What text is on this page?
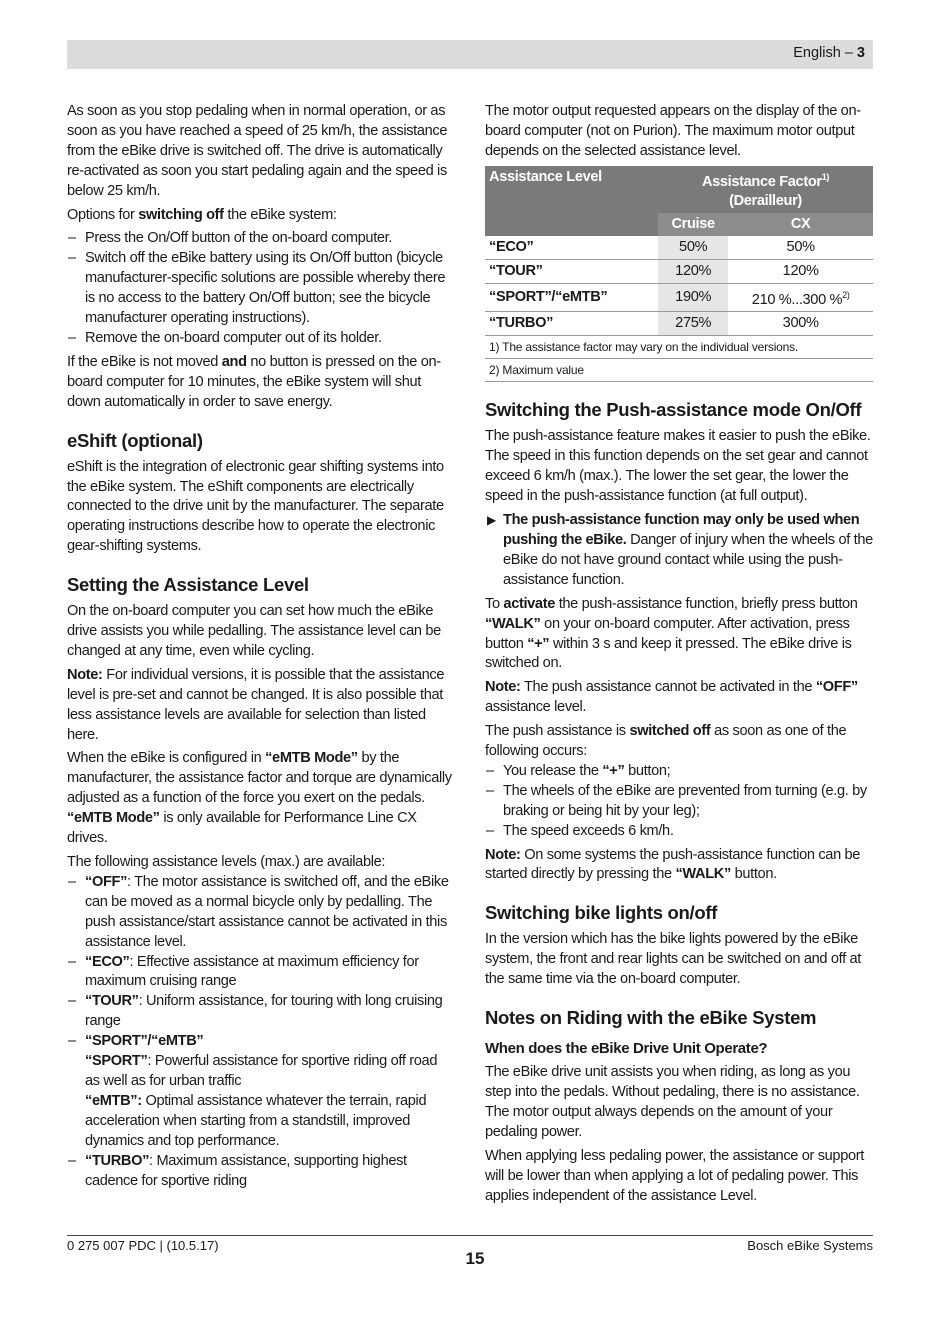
English – 3

As soon as you stop pedaling when in normal operation, or as soon as you have reached a speed of 25 km/h, the assistance from the eBike drive is switched off. The drive is automatically re-activated as soon you start pedaling again and the speed is below 25 km/h.

Options for switching off the eBike system:

– Press the On/Off button of the on-board computer.
– Switch off the eBike battery using its On/Off button (bicycle manufacturer-specific solutions are possible whereby there is no access to the battery On/Off button; see the bicycle manufacturer operating instructions).
– Remove the on-board computer out of its holder.

If the eBike is not moved and no button is pressed on the on-board computer for 10 minutes, the eBike system will shut down automatically in order to save energy.

eShift (optional)

eShift is the integration of electronic gear shifting systems into the eBike system. The eShift components are electrically connected to the drive unit by the manufacturer. The separate operating instructions describe how to operate the electronic gear-shifting systems.

Setting the Assistance Level

On the on-board computer you can set how much the eBike drive assists you while pedalling. The assistance level can be changed at any time, even while cycling.

Note: For individual versions, it is possible that the assistance level is pre-set and cannot be changed. It is also possible that less assistance levels are available for selection than listed here.

When the eBike is configured in “eMTB Mode” by the manufacturer, the assistance factor and torque are dynamically adjusted as a function of the force you exert on the pedals. “eMTB Mode” is only available for Performance Line CX drives.

The following assistance levels (max.) are available:

– “OFF”: The motor assistance is switched off, and the eBike can be moved as a normal bicycle only by pedalling. The push assistance/start assistance cannot be activated in this assistance level.
– “ECO”: Effective assistance at maximum efficiency for maximum cruising range
– “TOUR”: Uniform assistance, for touring with long cruising range
– “SPORT”/“eMTB”
“SPORT”: Powerful assistance for sportive riding off road as well as for urban traffic
“eMTB”: Optimal assistance whatever the terrain, rapid acceleration when starting from a standstill, improved dynamics and top performance.
– “TURBO”: Maximum assistance, supporting highest cadence for sportive riding

The motor output requested appears on the display of the on-board computer (not on Purion). The maximum motor output depends on the selected assistance level.

Assistance Level	Assistance Factor$^{1)}$
(Derailleur)	
	Cruise	CX
“ECO”	50%	50%
“TOUR”	120%	120%
“SPORT”/“eMTB”	190%	210 %...300 %$^{2)}$
“TURBO”	275%	300%
1) The assistance factor may vary on the individual versions.
2) Maximum value
Switching the Push-assistance mode On/Off

The push-assistance feature makes it easier to push the eBike. The speed in this function depends on the set gear and cannot exceed 6 km/h (max.). The lower the set gear, the lower the speed in the push-assistance function (at full output).

▶ The push-assistance function may only be used when pushing the eBike. Danger of injury when the wheels of the eBike do not have ground contact while using the push-assistance function.

To activate the push-assistance function, briefly press button “WALK” on your on-board computer. After activation, press button “+” within 3 s and keep it pressed. The eBike drive is switched on.

Note: The push assistance cannot be activated in the “OFF” assistance level.

The push assistance is switched off as soon as one of the following occurs:

– You release the “+” button;
– The wheels of the eBike are prevented from turning (e.g. by braking or being hit by your leg);
– The speed exceeds 6 km/h.

Note: On some systems the push-assistance function can be started directly by pressing the “WALK” button.

Switching bike lights on/off

In the version which has the bike lights powered by the eBike system, the front and rear lights can be switched on and off at the same time via the on-board computer.

Notes on Riding with the eBike System
When does the eBike Drive Unit Operate?

The eBike drive unit assists you when riding, as long as you step into the pedals. Without pedaling, there is no assistance. The motor output always depends on the amount of your pedaling power.

When applying less pedaling power, the assistance or support will be lower than when applying a lot of pedaling power. This applies independent of the assistance Level.

0 275 007 PDC | (10.5.17)	Bosch eBike Systems
15
